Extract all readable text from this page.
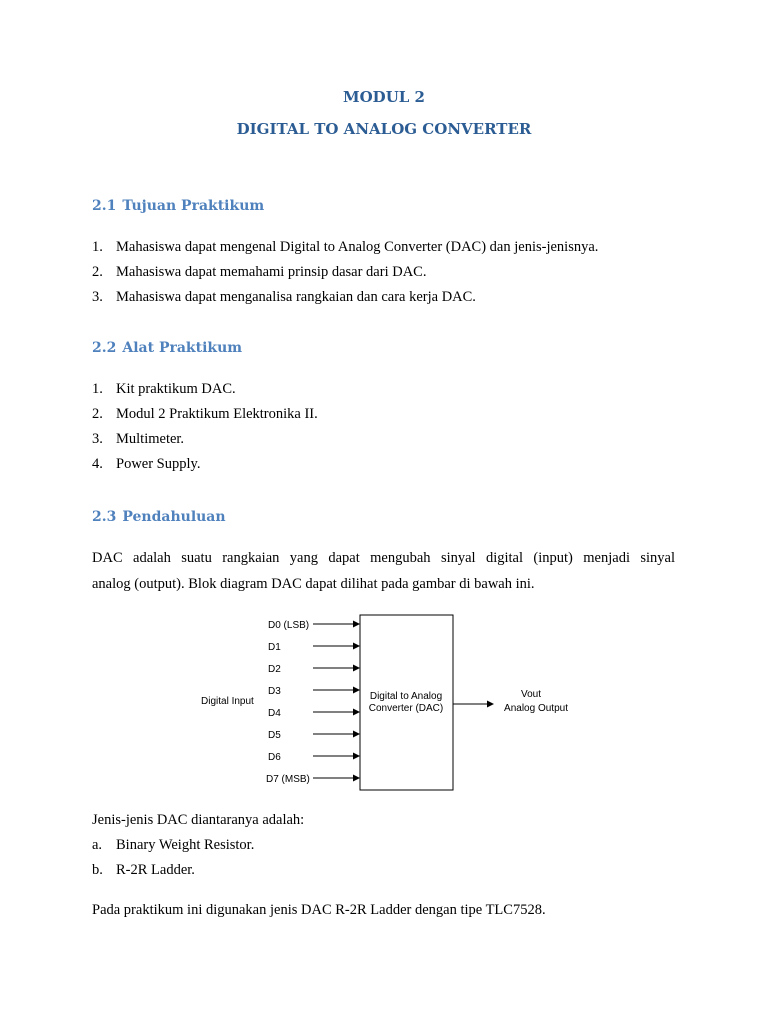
MODUL 2
DIGITAL TO ANALOG CONVERTER
2.1 Tujuan Praktikum
1. Mahasiswa dapat mengenal Digital to Analog Converter (DAC) dan jenis-jenisnya.
2. Mahasiswa dapat memahami prinsip dasar dari DAC.
3. Mahasiswa dapat menganalisa rangkaian dan cara kerja DAC.
2.2 Alat Praktikum
1. Kit praktikum DAC.
2. Modul 2 Praktikum Elektronika II.
3. Multimeter.
4. Power Supply.
2.3 Pendahuluan
DAC adalah suatu rangkaian yang dapat mengubah sinyal digital (input) menjadi sinyal
analog (output). Blok diagram DAC dapat dilihat pada gambar di bawah ini.
Digital Input
D0 (LSB)
D1
D2
D3
D4
D5
D6
D7 (MSB)
Digital to Analog
Converter (DAC)
Vout
Analog Output
Jenis-jenis DAC diantaranya adalah:
a. Binary Weight Resistor.
b. R-2R Ladder.
Pada praktikum ini digunakan jenis DAC R-2R Ladder dengan tipe TLC7528.
